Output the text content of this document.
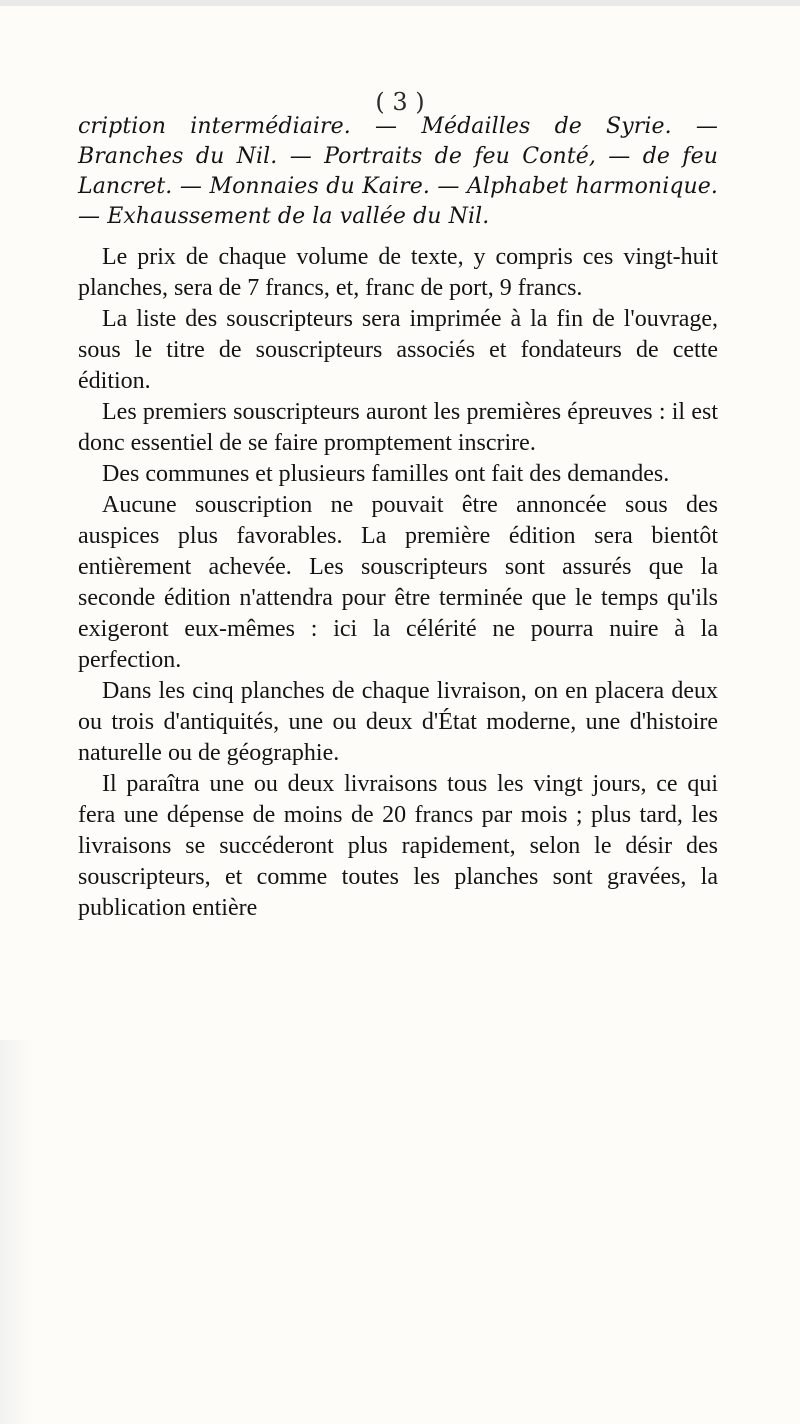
( 3 )

cription intermédiaire. — Médailles de Syrie. — Branches du Nil. — Portraits de feu Conté, — de feu Lancret. — Monnaies du Kaire. — Alphabet harmonique. — Exhaussement de la vallée du Nil.

Le prix de chaque volume de texte, y compris ces vingt-huit planches, sera de 7 francs, et, franc de port, 9 francs.

La liste des souscripteurs sera imprimée à la fin de l'ouvrage, sous le titre de souscripteurs associés et fondateurs de cette édition.

Les premiers souscripteurs auront les premières épreuves : il est donc essentiel de se faire promptement inscrire.

Des communes et plusieurs familles ont fait des demandes.

Aucune souscription ne pouvait être annoncée sous des auspices plus favorables. La première édition sera bientôt entièrement achevée. Les souscripteurs sont assurés que la seconde édition n'attendra pour être terminée que le temps qu'ils exigeront eux-mêmes : ici la célérité ne pourra nuire à la perfection.

Dans les cinq planches de chaque livraison, on en placera deux ou trois d'antiquités, une ou deux d'État moderne, une d'histoire naturelle ou de géographie.

Il paraîtra une ou deux livraisons tous les vingt jours, ce qui fera une dépense de moins de 20 francs par mois ; plus tard, les livraisons se succéderont plus rapidement, selon le désir des souscripteurs, et comme toutes les planches sont gravées, la publication entière
